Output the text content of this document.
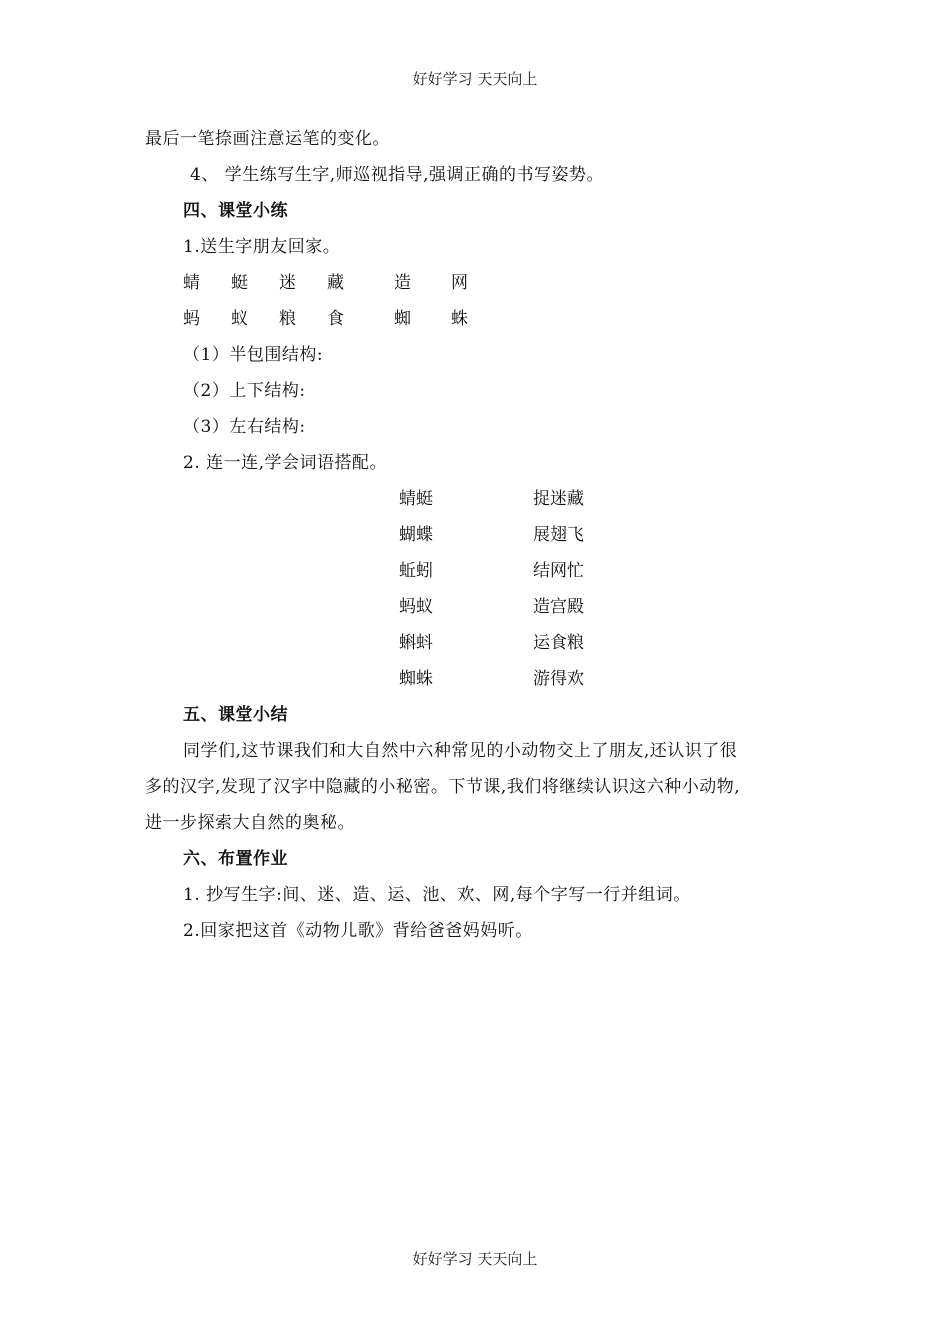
好好学习 天天向上
最后一笔捺画注意运笔的变化。
4、 学生练写生字,师巡视指导,强调正确的书写姿势。
四、课堂小练
1.送生字朋友回家。
蜻 蜓 迷 藏	造 网
蚂 蚁 粮 食	蜘 蛛
（1）半包围结构:
（2）上下结构:
（3）左右结构:
2. 连一连,学会词语搭配。
蜻蜓	捉迷藏
蝴蝶	展翅飞
蚯蚓	结网忙
蚂蚁	造宫殿
蝌蚪	运食粮
蜘蛛	游得欢
五、课堂小结
同学们,这节课我们和大自然中六种常见的小动物交上了朋友,还认识了很
多的汉字,发现了汉字中隐藏的小秘密。下节课,我们将继续认识这六种小动物,
进一步探索大自然的奥秘。
六、布置作业
1. 抄写生字:间、迷、造、运、池、欢、网,每个字写一行并组词。
2.回家把这首《动物儿歌》背给爸爸妈妈听。
好好学习 天天向上
